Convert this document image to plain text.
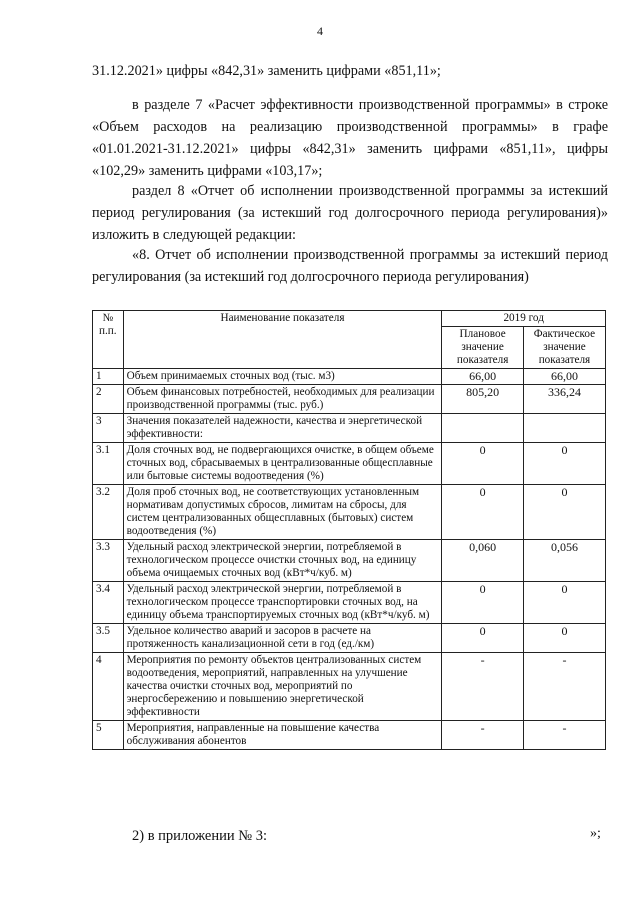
4
31.12.2021» цифры «842,31» заменить цифрами «851,11»;
в разделе 7 «Расчет эффективности производственной программы» в строке «Объем расходов на реализацию производственной программы» в графе «01.01.2021-31.12.2021» цифры «842,31» заменить цифрами «851,11», цифры «102,29» заменить цифрами «103,17»;
раздел 8 «Отчет об исполнении производственной программы за истекший период регулирования (за истекший год долгосрочного периода регулирования)» изложить в следующей редакции:
«8. Отчет об исполнении производственной программы за истекший период регулирования (за истекший год долгосрочного периода регулирования)
№ п.п.	Наименование показателя	2019 год	
		Плановое значение показателя	Фактическое значение показателя
1	Объем принимаемых сточных вод (тыс. м3)	66,00	66,00
2	Объем финансовых потребностей, необходимых для реализации производственной программы (тыс. руб.)	805,20	336,24
3	Значения показателей надежности, качества и энергетической эффективности:		
3.1	Доля сточных вод, не подвергающихся очистке, в общем объеме сточных вод, сбрасываемых в централизованные общесплавные или бытовые системы водоотведения (%)	0	0
3.2	Доля проб сточных вод, не соответствующих установленным нормативам допустимых сбросов, лимитам на сбросы, для систем централизованных общесплавных (бытовых) систем водоотведения (%)	0	0
3.3	Удельный расход электрической энергии, потребляемой в технологическом процессе очистки сточных вод, на единицу объема очищаемых сточных вод (кВт*ч/куб. м)	0,060	0,056
3.4	Удельный расход электрической энергии, потребляемой в технологическом процессе транспортировки сточных вод, на единицу объема транспортируемых сточных вод (кВт*ч/куб. м)	0	0
3.5	Удельное количество аварий и засоров в расчете на протяженность канализационной сети в год (ед./км)	0	0
4	Мероприятия по ремонту объектов централизованных систем водоотведения, мероприятий, направленных на улучшение качества очистки сточных вод, мероприятий по энергосбережению и повышению энергетической эффективности	-	-
5	Мероприятия, направленные на повышение качества обслуживания абонентов	-	-
»;
2) в приложении № 3:
